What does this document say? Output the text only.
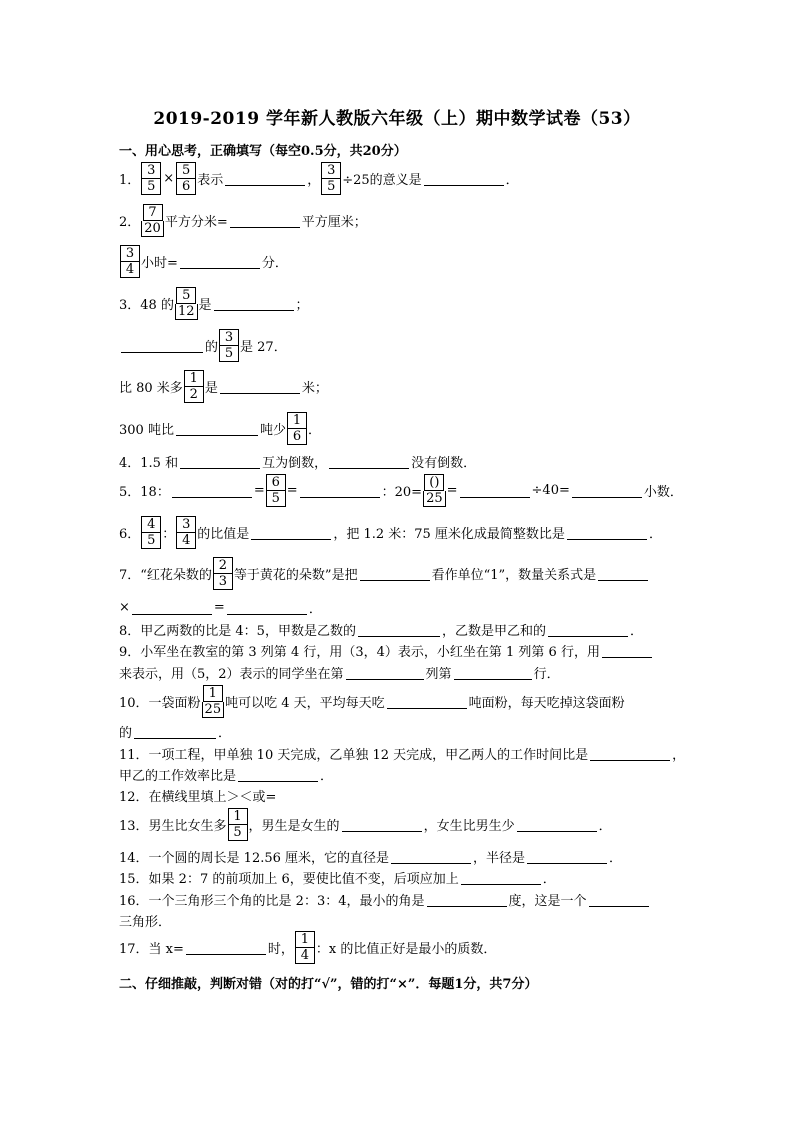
2019-2019 学年新人教版六年级（上）期中数学试卷（53）
一、用心思考，正确填写（每空0.5分，共20分）
1． $\frac{3}{5} \times \frac{5}{6}$ 表示	， $\frac{3}{5} \div 25$的意义是	．
2． $\frac{7}{20}$ 平方分米=	平方厘米；
$\frac{3}{4}$ 小时=	分．
3．48 的 $\frac{5}{12}$ 是	；
的 $\frac{3}{5}$ 是 27．
比 80 米多 $\frac{1}{2}$ 是	米；
300 吨比	吨少 $\frac{1}{6}$ ．
4．1.5 和	互为倒数，	没有倒数．
5．18：	= $\frac{6}{5}$ =	：$20= \frac{()}{25}$ =	÷40=	小数．
6． $\frac{4}{5}$ ： $\frac{3}{4}$ 的比值是	，把 1.2 米：75 厘米化成最简整数比是	．
7．“红花朵数的 $\frac{2}{3}$ 等于黄花的朵数”是把	看作单位“1”，数量关系式是
×	=	．
8．甲乙两数的比是 4：5，甲数是乙数的	，乙数是甲乙和的	．
9．小军坐在教室的第 3 列第 4 行，用（3，4）表示，小红坐在第 1 列第 6 行，用
来表示，用（5，2）表示的同学坐在第	列第	行．
10．一袋面粉 $\frac{1}{25}$ 吨可以吃 4 天，平均每天吃	吨面粉，每天吃掉这袋面粉
的	．
11．一项工程，甲单独 10 天完成，乙单独 12 天完成，甲乙两人的工作时间比是	，
甲乙的工作效率比是	．
12．在横线里填上＞＜或=
13．男生比女生多 $\frac{1}{5}$ ，男生是女生的	，女生比男生少	．
14．一个圆的周长是 12.56 厘米，它的直径是	，半径是	．
15．如果 2：7 的前项加上 6，要使比值不变，后项应加上	．
16．一个三角形三个角的比是 2：3：4，最小的角是	度，这是一个
三角形．
17．当 x=	时， $\frac{1}{4}$ ：x 的比值正好是最小的质数．
二、仔细推敲，判断对错（对的打“√”，错的打“×”．每题1分，共7分）
